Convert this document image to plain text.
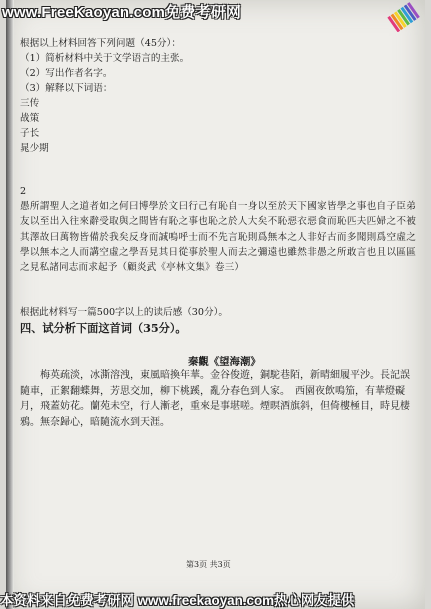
www.FreeKaoyan.com免费考研网
根据以上材料回答下列问题（45分）：
（1）简析材料中关于文学语言的主张。
（2）写出作者名字。
（3）解释以下词语：
三传
战策
子长
晁少期
2
愚所謂聖人之道者如之何曰博學於文曰行己有恥自一身以至於天下國家皆學之事也自子臣弟友以至出入往來辭受取與之間皆有恥之事也恥之於人大矣不恥惡衣惡食而恥匹夫匹婦之不被其澤故曰萬物皆備於我矣反身而誠嗚呼士而不先言恥則爲無本之人非好古而多聞則爲空虛之學以無本之人而講空虛之學吾見其日從事於聖人而去之彌遠也雖然非愚之所敢言也且以區區之見私諸同志而求起予（顧炎武《亭林文集》卷三）
根据此材料写一篇500字以上的读后感（30分）。
四、试分析下面这首词（35分）。
秦觀《望海潮》
梅英疏淡，冰澌溶洩，東風暗換年華。金谷俊遊，銅駝巷陌，新晴細履平沙。長記誤隨車，正絮翻蝶舞，芳思交加，柳下桃蹊，亂分春色到人家。　西園夜飲鳴笳，有華燈礙月，飛蓋妨花。蘭苑未空，行人漸老，重來是事堪嗟。煙暝酒旗斜，但倚樓極目，時見棲鴉。無奈歸心，暗隨流水到天涯。
第3页 共3页
本资料来自免费考研网 www.freekaoyan.com热心网友提供
